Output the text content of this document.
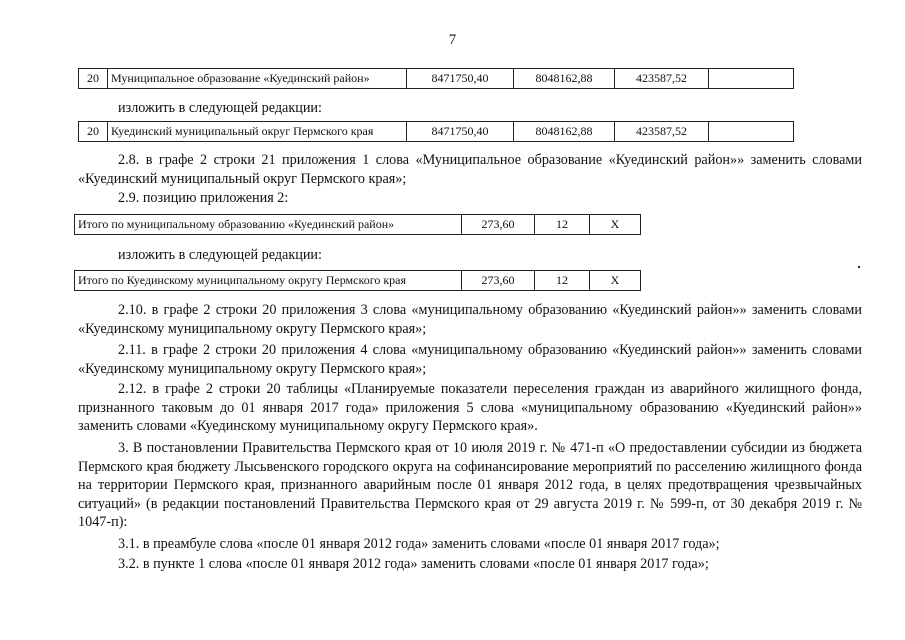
7
20	Муниципальное образование «Куединский район»	8471750,40	8048162,88	423587,52	
изложить в следующей редакции:
20	Куединский муниципальный округ Пермского края	8471750,40	8048162,88	423587,52	
2.8. в графе 2 строки 21 приложения 1 слова «Муниципальное образование «Куединский район»» заменить словами «Куединский муниципальный округ Пермского края»;
2.9. позицию приложения 2:
Итого по муниципальному образованию «Куединский район»	273,60	12	Х
изложить в следующей редакции:
Итого по Куединскому муниципальному округу Пермского края	273,60	12	Х
2.10. в графе 2 строки 20 приложения 3 слова «муниципальному образованию «Куединский район»» заменить словами «Куединскому муниципальному округу Пермского края»;
2.11. в графе 2 строки 20 приложения 4 слова «муниципальному образованию «Куединский район»» заменить словами «Куединскому муниципальному округу Пермского края»;
2.12. в графе 2 строки 20 таблицы «Планируемые показатели переселения граждан из аварийного жилищного фонда, признанного таковым до 01 января 2017 года» приложения 5 слова «муниципальному образованию «Куединский район»» заменить словами «Куединскому муниципальному округу Пермского края».
3. В постановлении Правительства Пермского края от 10 июля 2019 г. № 471-п «О предоставлении субсидии из бюджета Пермского края бюджету Лысьвенского городского округа на софинансирование мероприятий по расселению жилищного фонда на территории Пермского края, признанного аварийным после 01 января 2012 года, в целях предотвращения чрезвычайных ситуаций» (в редакции постановлений Правительства Пермского края от 29 августа 2019 г. № 599-п, от 30 декабря 2019 г. № 1047-п):
3.1. в преамбуле слова «после 01 января 2012 года» заменить словами «после 01 января 2017 года»;
3.2. в пункте 1 слова «после 01 января 2012 года» заменить словами «после 01 января 2017 года»;
